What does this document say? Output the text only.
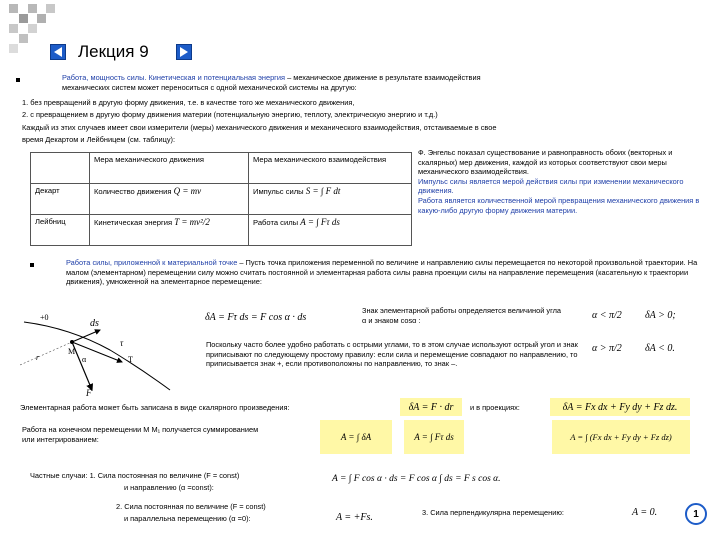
Лекция 9
Работа, мощность силы. Кинетическая и потенциальная энергия – механическое движение в результате взаимодействия
механических систем может переноситься с одной механической системы на другую:
1. без превращений в другую форму движения, т.е. в качестве того же механического движения,
2. с превращением в другую форму движения материи (потенциальную энергию, теплоту, электрическую энергию и т.д.)
Каждый из этих случаев имеет свои измерители (меры) механического движения и механического взаимодействия, отстаиваемые в свое
время Декартом и Лейбницем (см. таблицу):
	Мера механического движения	Мера механического взаимодействия
Декарт	Количество движения Q = mv	Импульс силы S = ∫ F dt
Лейбниц	Кинетическая энергия T = mv²/2	Работа силы A = ∫ Fτ ds
Ф. Энгельс показал существование и равноправность обоих (векторных и скалярных) мер движения, каждой из которых соответствуют свои меры механического взаимодействия.
Импульс силы является мерой действия силы при изменении механического движения.
Работа является количественной мерой превращения механического движения в какую-либо другую форму движения материи.
Работа силы, приложенной к материальной точке – Пусть точка приложения переменной по величине и направлению силы перемещается по некоторой произвольной траектории. На малом (элементарном) перемещении силу можно считать постоянной и элементарная работа силы равна проекции силы на направление перемещения (касательную к траектории движения), умноженной на элементарное перемещение:
+0
ds
τ
T
M
α
r
F
δA = Fτ ds = F cos α · ds
Знак элементарной работы определяется величиной угла α и знаком cosα :	α < π/2 δA > 0;
α > π/2 δA < 0.
Поскольку часто более удобно работать с острыми углами, то в этом случае используют острый угол и знак приписывают по следующему простому правилу: если сила и перемещение совпадают по направлению, то приписывается знак +, если противоположны по направлению, то знак –.
Элементарная работа может быть записана в виде скалярного произведения:	δA = F · dr	и в проекциях:	δA = Fx dx + Fy dy + Fz dz.
Работа на конечном перемещении M M₁ получается суммированием или интегрированием:	A = ∫ δA	A = ∫ Fτ ds	A = ∫ (Fx dx + Fy dy + Fz dz)
Частные случаи: 1. Сила постоянная по величине (F = const)
и направлению (α =const):
A = ∫ F cos α · ds = F cos α ∫ ds = F s cos α.
2. Сила постоянная по величине (F = const)
и параллельна перемещению (α =0):	A = +Fs.	3. Сила перпендикулярна перемещению:	A = 0.	1
